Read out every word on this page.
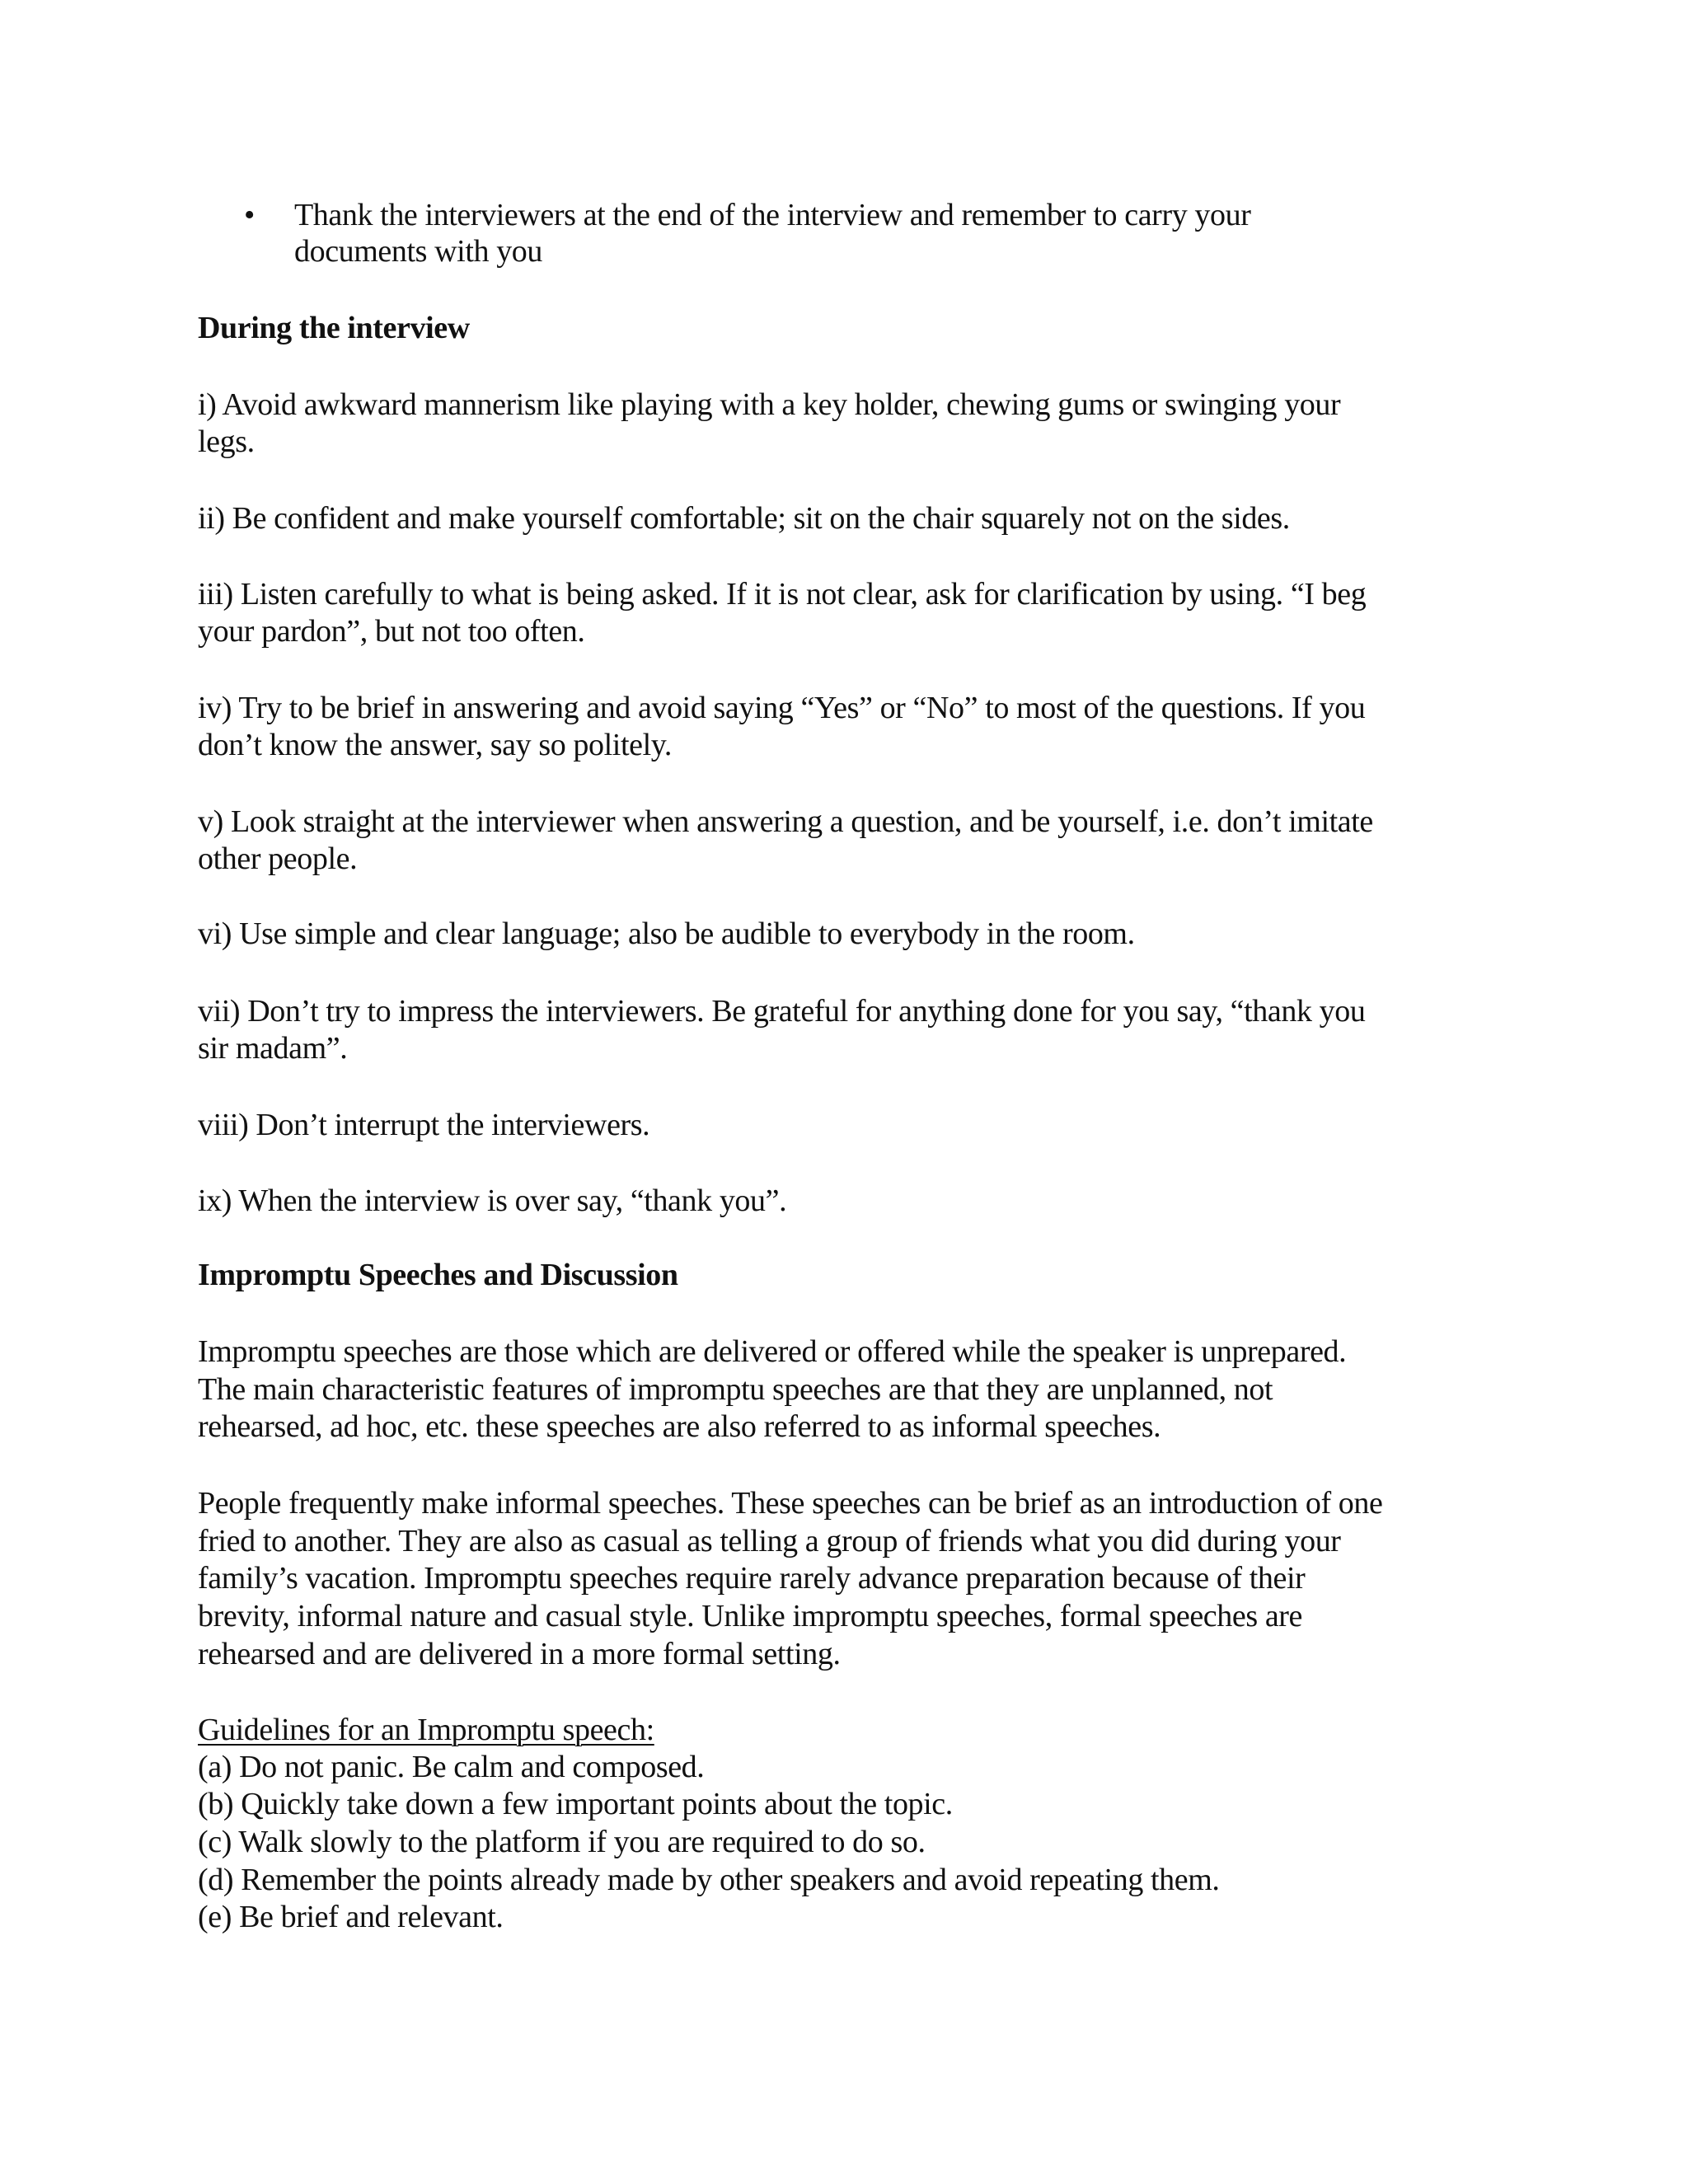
• Thank the interviewers at the end of the interview and remember to carry your
documents with you
During the interview
i) Avoid awkward mannerism like playing with a key holder, chewing gums or swinging your
legs.
ii) Be confident and make yourself comfortable; sit on the chair squarely not on the sides.
iii) Listen carefully to what is being asked. If it is not clear, ask for clarification by using. “I beg
your pardon”, but not too often.
iv) Try to be brief in answering and avoid saying “Yes” or “No” to most of the questions. If you
don’t know the answer, say so politely.
v) Look straight at the interviewer when answering a question, and be yourself, i.e. don’t imitate
other people.
vi) Use simple and clear language; also be audible to everybody in the room.
vii) Don’t try to impress the interviewers. Be grateful for anything done for you say, “thank you
sir madam”.
viii) Don’t interrupt the interviewers.
ix) When the interview is over say, “thank you”.
Impromptu Speeches and Discussion
Impromptu speeches are those which are delivered or offered while the speaker is unprepared.
The main characteristic features of impromptu speeches are that they are unplanned, not
rehearsed, ad hoc, etc. these speeches are also referred to as informal speeches.
People frequently make informal speeches. These speeches can be brief as an introduction of one
fried to another. They are also as casual as telling a group of friends what you did during your
family’s vacation. Impromptu speeches require rarely advance preparation because of their
brevity, informal nature and casual style. Unlike impromptu speeches, formal speeches are
rehearsed and are delivered in a more formal setting.
Guidelines for an Impromptu speech:
(a) Do not panic. Be calm and composed.
(b) Quickly take down a few important points about the topic.
(c) Walk slowly to the platform if you are required to do so.
(d) Remember the points already made by other speakers and avoid repeating them.
(e) Be brief and relevant.
